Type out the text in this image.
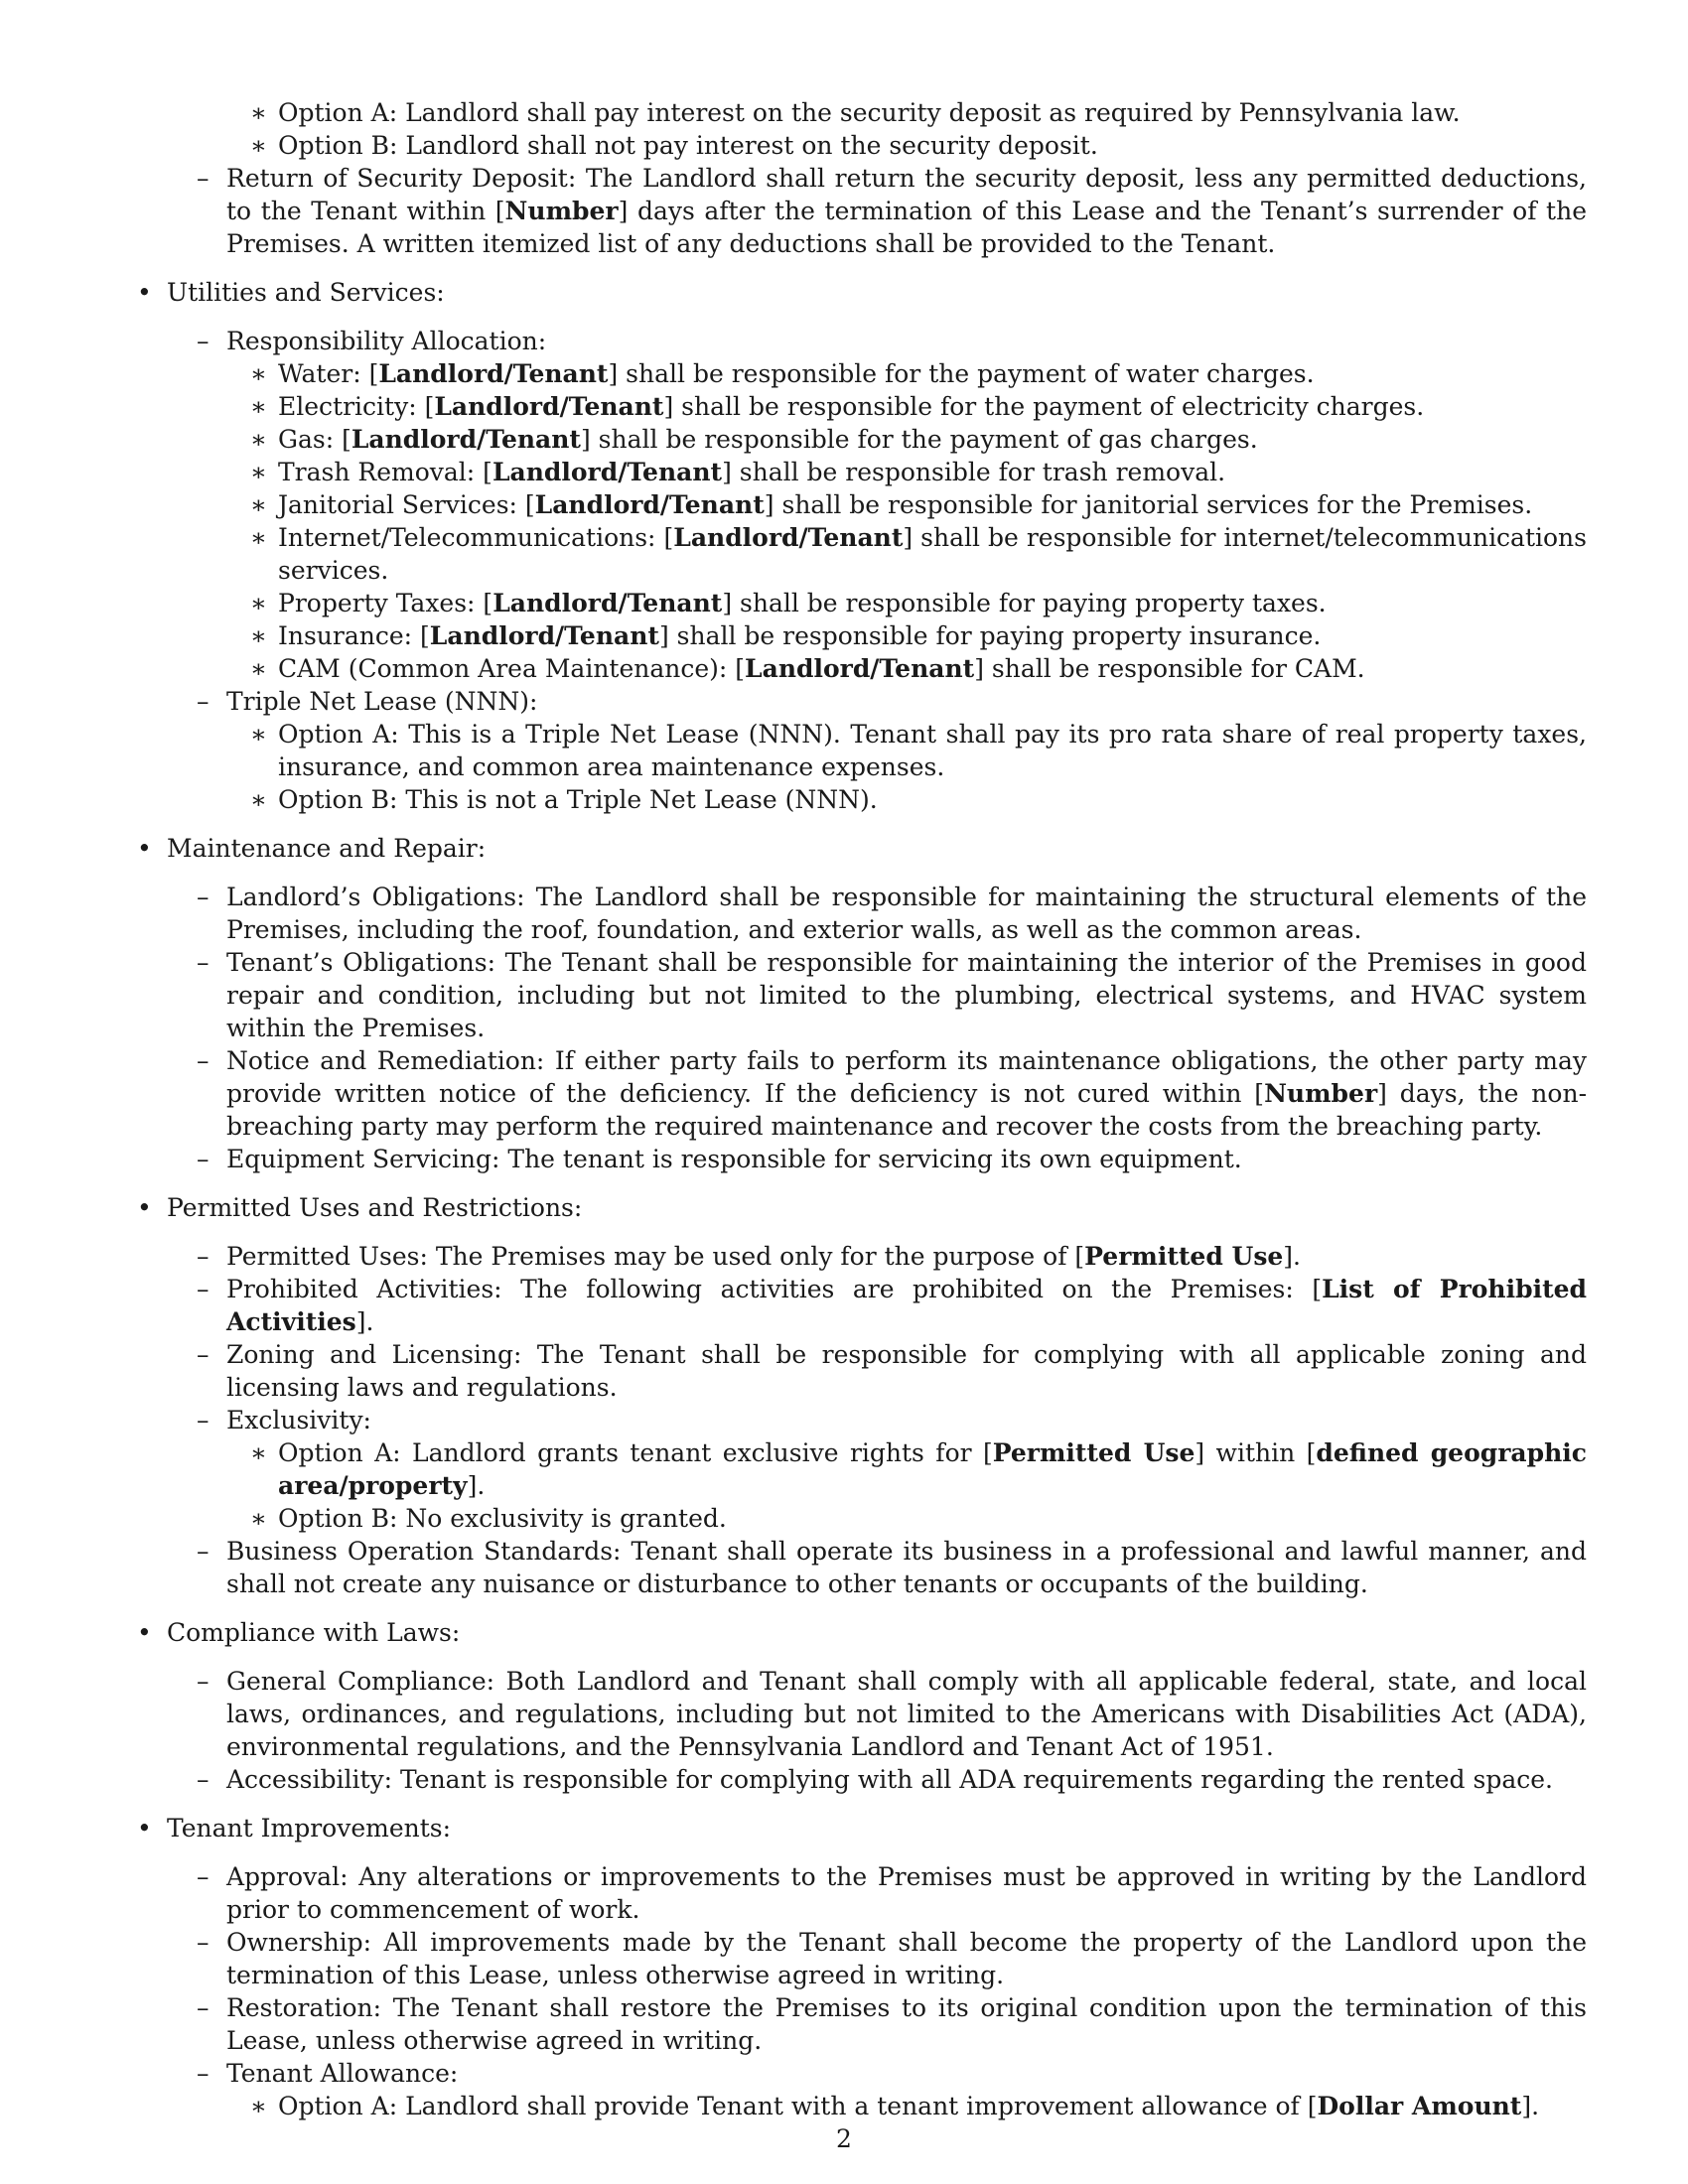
∗ Option A: Landlord shall pay interest on the security deposit as required by Pennsylvania law.
∗ Option B: Landlord shall not pay interest on the security deposit.
– Return of Security Deposit: The Landlord shall return the security deposit, less any permitted deductions, to the Tenant within [Number] days after the termination of this Lease and the Tenant’s surrender of the Premises. A written itemized list of any deductions shall be provided to the Tenant.
• Utilities and Services:
– Responsibility Allocation:
∗ Water: [Landlord/Tenant] shall be responsible for the payment of water charges.
∗ Electricity: [Landlord/Tenant] shall be responsible for the payment of electricity charges.
∗ Gas: [Landlord/Tenant] shall be responsible for the payment of gas charges.
∗ Trash Removal: [Landlord/Tenant] shall be responsible for trash removal.
∗ Janitorial Services: [Landlord/Tenant] shall be responsible for janitorial services for the Premises.
∗ Internet/Telecommunications: [Landlord/Tenant] shall be responsible for internet/telecommunications services.
∗ Property Taxes: [Landlord/Tenant] shall be responsible for paying property taxes.
∗ Insurance: [Landlord/Tenant] shall be responsible for paying property insurance.
∗ CAM (Common Area Maintenance): [Landlord/Tenant] shall be responsible for CAM.
– Triple Net Lease (NNN):
∗ Option A: This is a Triple Net Lease (NNN). Tenant shall pay its pro rata share of real property taxes, insurance, and common area maintenance expenses.
∗ Option B: This is not a Triple Net Lease (NNN).
• Maintenance and Repair:
– Landlord’s Obligations: The Landlord shall be responsible for maintaining the structural elements of the Premises, including the roof, foundation, and exterior walls, as well as the common areas.
– Tenant’s Obligations: The Tenant shall be responsible for maintaining the interior of the Premises in good repair and condition, including but not limited to the plumbing, electrical systems, and HVAC system within the Premises.
– Notice and Remediation: If either party fails to perform its maintenance obligations, the other party may provide written notice of the deficiency. If the deficiency is not cured within [Number] days, the non-breaching party may perform the required maintenance and recover the costs from the breaching party.
– Equipment Servicing: The tenant is responsible for servicing its own equipment.
• Permitted Uses and Restrictions:
– Permitted Uses: The Premises may be used only for the purpose of [Permitted Use].
– Prohibited Activities: The following activities are prohibited on the Premises: [List of Prohibited Activities].
– Zoning and Licensing: The Tenant shall be responsible for complying with all applicable zoning and licensing laws and regulations.
– Exclusivity:
∗ Option A: Landlord grants tenant exclusive rights for [Permitted Use] within [defined geographic area/property].
∗ Option B: No exclusivity is granted.
– Business Operation Standards: Tenant shall operate its business in a professional and lawful manner, and shall not create any nuisance or disturbance to other tenants or occupants of the building.
• Compliance with Laws:
– General Compliance: Both Landlord and Tenant shall comply with all applicable federal, state, and local laws, ordinances, and regulations, including but not limited to the Americans with Disabilities Act (ADA), environmental regulations, and the Pennsylvania Landlord and Tenant Act of 1951.
– Accessibility: Tenant is responsible for complying with all ADA requirements regarding the rented space.
• Tenant Improvements:
– Approval: Any alterations or improvements to the Premises must be approved in writing by the Landlord prior to commencement of work.
– Ownership: All improvements made by the Tenant shall become the property of the Landlord upon the termination of this Lease, unless otherwise agreed in writing.
– Restoration: The Tenant shall restore the Premises to its original condition upon the termination of this Lease, unless otherwise agreed in writing.
– Tenant Allowance:
∗ Option A: Landlord shall provide Tenant with a tenant improvement allowance of [Dollar Amount].
2
